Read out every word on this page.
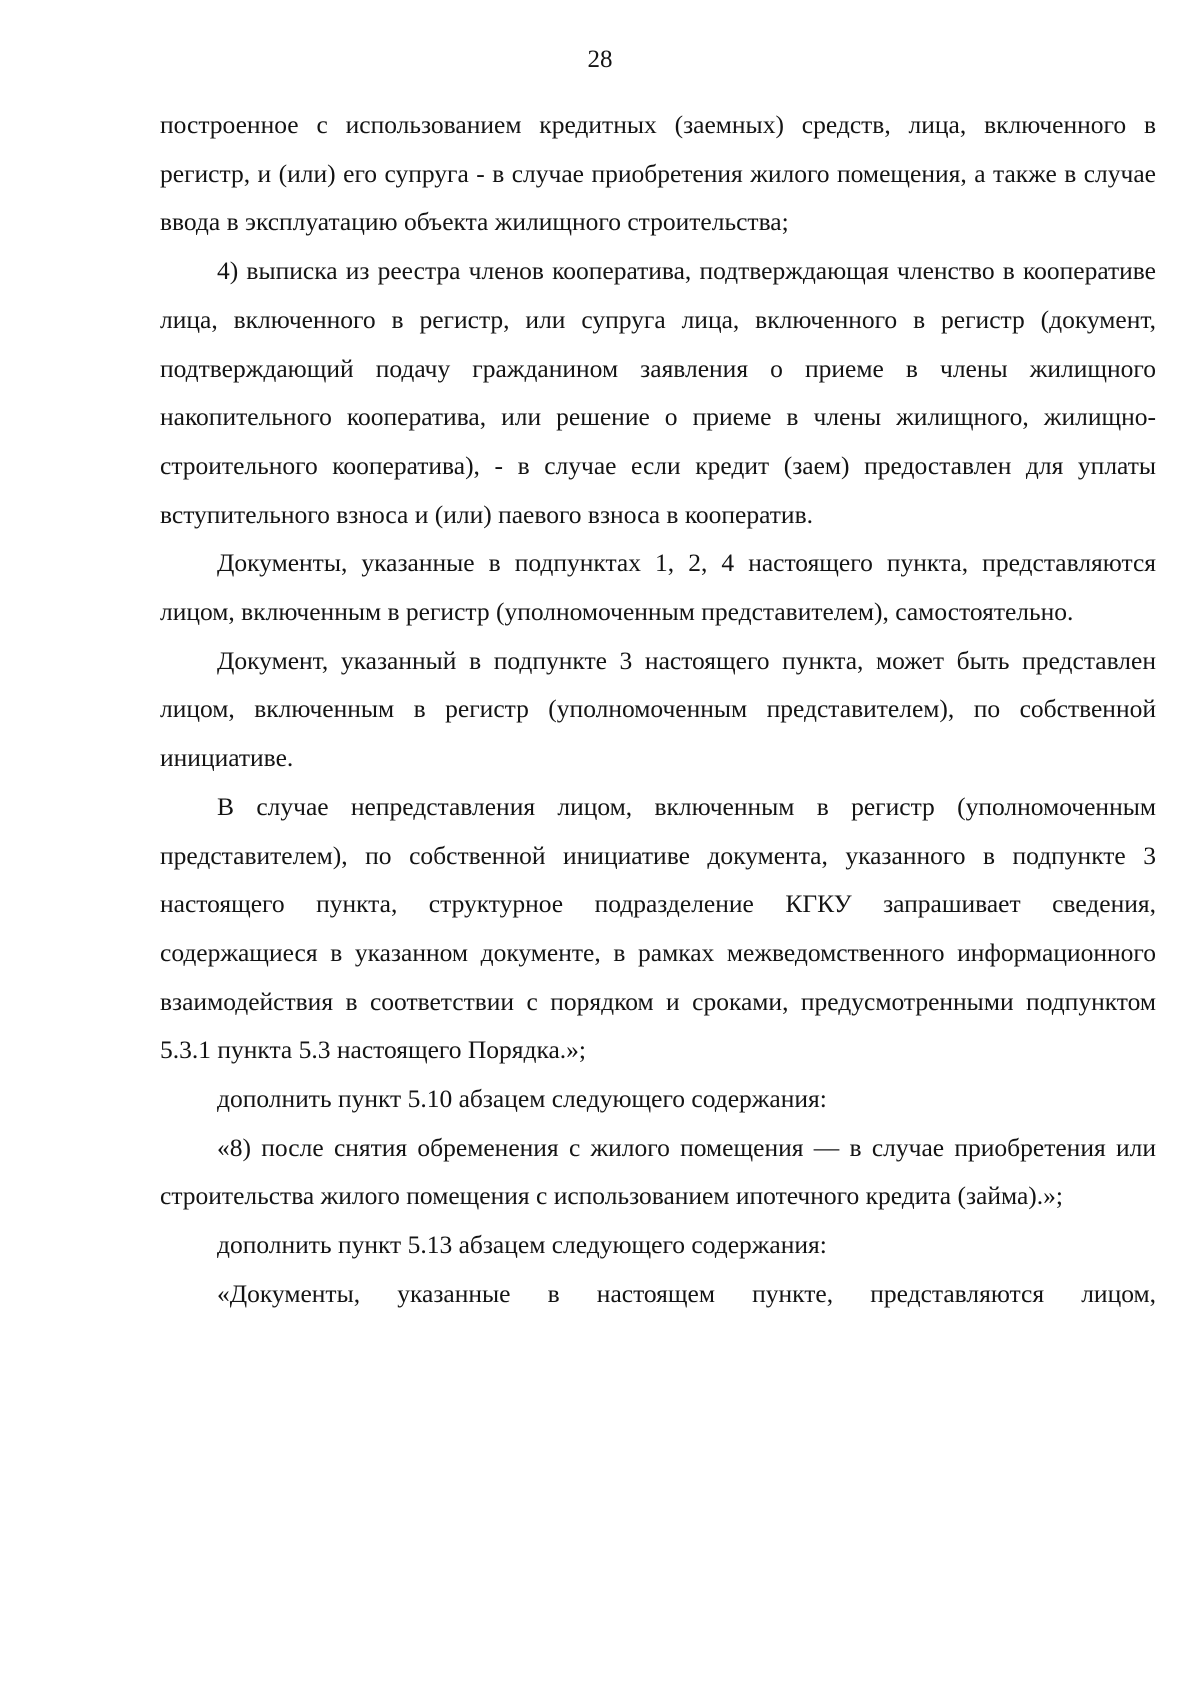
28

построенное с использованием кредитных (заемных) средств, лица, включенного в регистр, и (или) его супруга - в случае приобретения жилого помещения, а также в случае ввода в эксплуатацию объекта жилищного строительства;

4) выписка из реестра членов кооператива, подтверждающая членство в кооперативе лица, включенного в регистр, или супруга лица, включенного в регистр (документ, подтверждающий подачу гражданином заявления о приеме в члены жилищного накопительного кооператива, или решение о приеме в члены жилищного, жилищно-строительного кооператива), - в случае если кредит (заем) предоставлен для уплаты вступительного взноса и (или) паевого взноса в кооператив.

Документы, указанные в подпунктах 1, 2, 4 настоящего пункта, представляются лицом, включенным в регистр (уполномоченным представителем), самостоятельно.

Документ, указанный в подпункте 3 настоящего пункта, может быть представлен лицом, включенным в регистр (уполномоченным представителем), по собственной инициативе.

В случае непредставления лицом, включенным в регистр (уполномоченным представителем), по собственной инициативе документа, указанного в подпункте 3 настоящего пункта, структурное подразделение КГКУ запрашивает сведения, содержащиеся в указанном документе, в рамках межведомственного информационного взаимодействия в соответствии с порядком и сроками, предусмотренными подпунктом 5.3.1 пункта 5.3 настоящего Порядка.»;

дополнить пункт 5.10 абзацем следующего содержания:

«8) после снятия обременения с жилого помещения — в случае приобретения или строительства жилого помещения с использованием ипотечного кредита (займа).»;

дополнить пункт 5.13 абзацем следующего содержания:

«Документы, указанные в настоящем пункте, представляются лицом,
